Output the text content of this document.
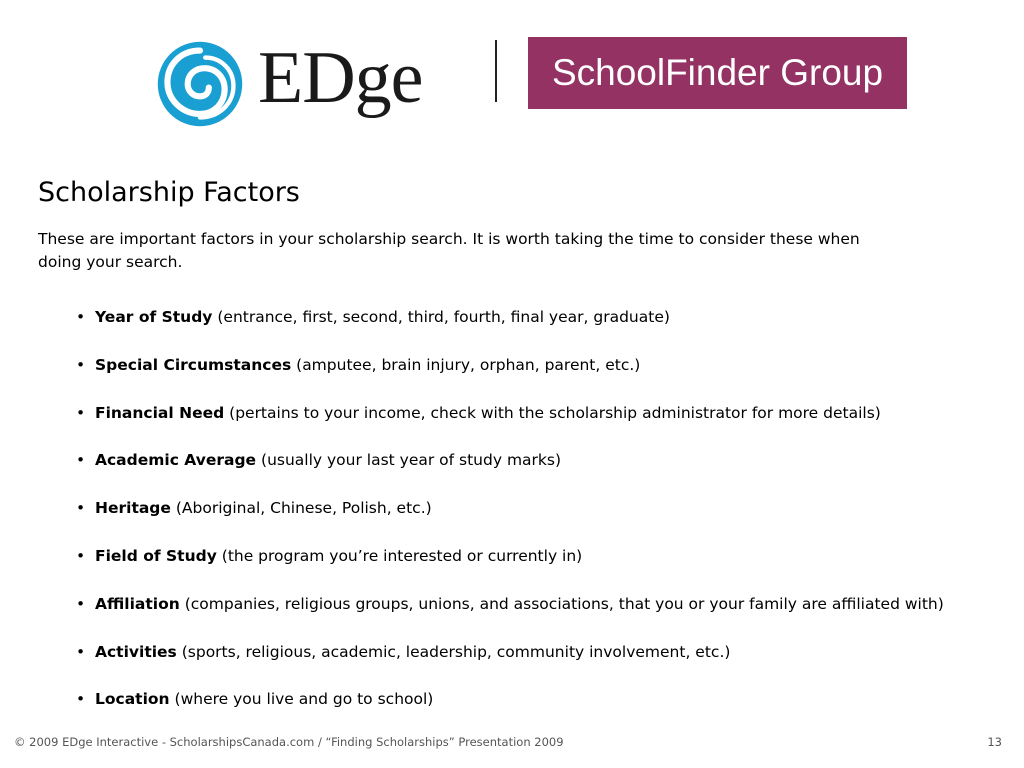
EDge	SchoolFinder Group
Scholarship Factors
These are important factors in your scholarship search. It is worth taking the time to consider these when doing your search.
• Year of Study (entrance, first, second, third, fourth, final year, graduate)
• Special Circumstances (amputee, brain injury, orphan, parent, etc.)
• Financial Need (pertains to your income, check with the scholarship administrator for more details)
• Academic Average (usually your last year of study marks)
• Heritage (Aboriginal, Chinese, Polish, etc.)
• Field of Study (the program you’re interested or currently in)
• Affiliation (companies, religious groups, unions, and associations, that you or your family are affiliated with)
• Activities (sports, religious, academic, leadership, community involvement, etc.)
• Location (where you live and go to school)
© 2009 EDge Interactive - ScholarshipsCanada.com / “Finding Scholarships” Presentation 2009	13
